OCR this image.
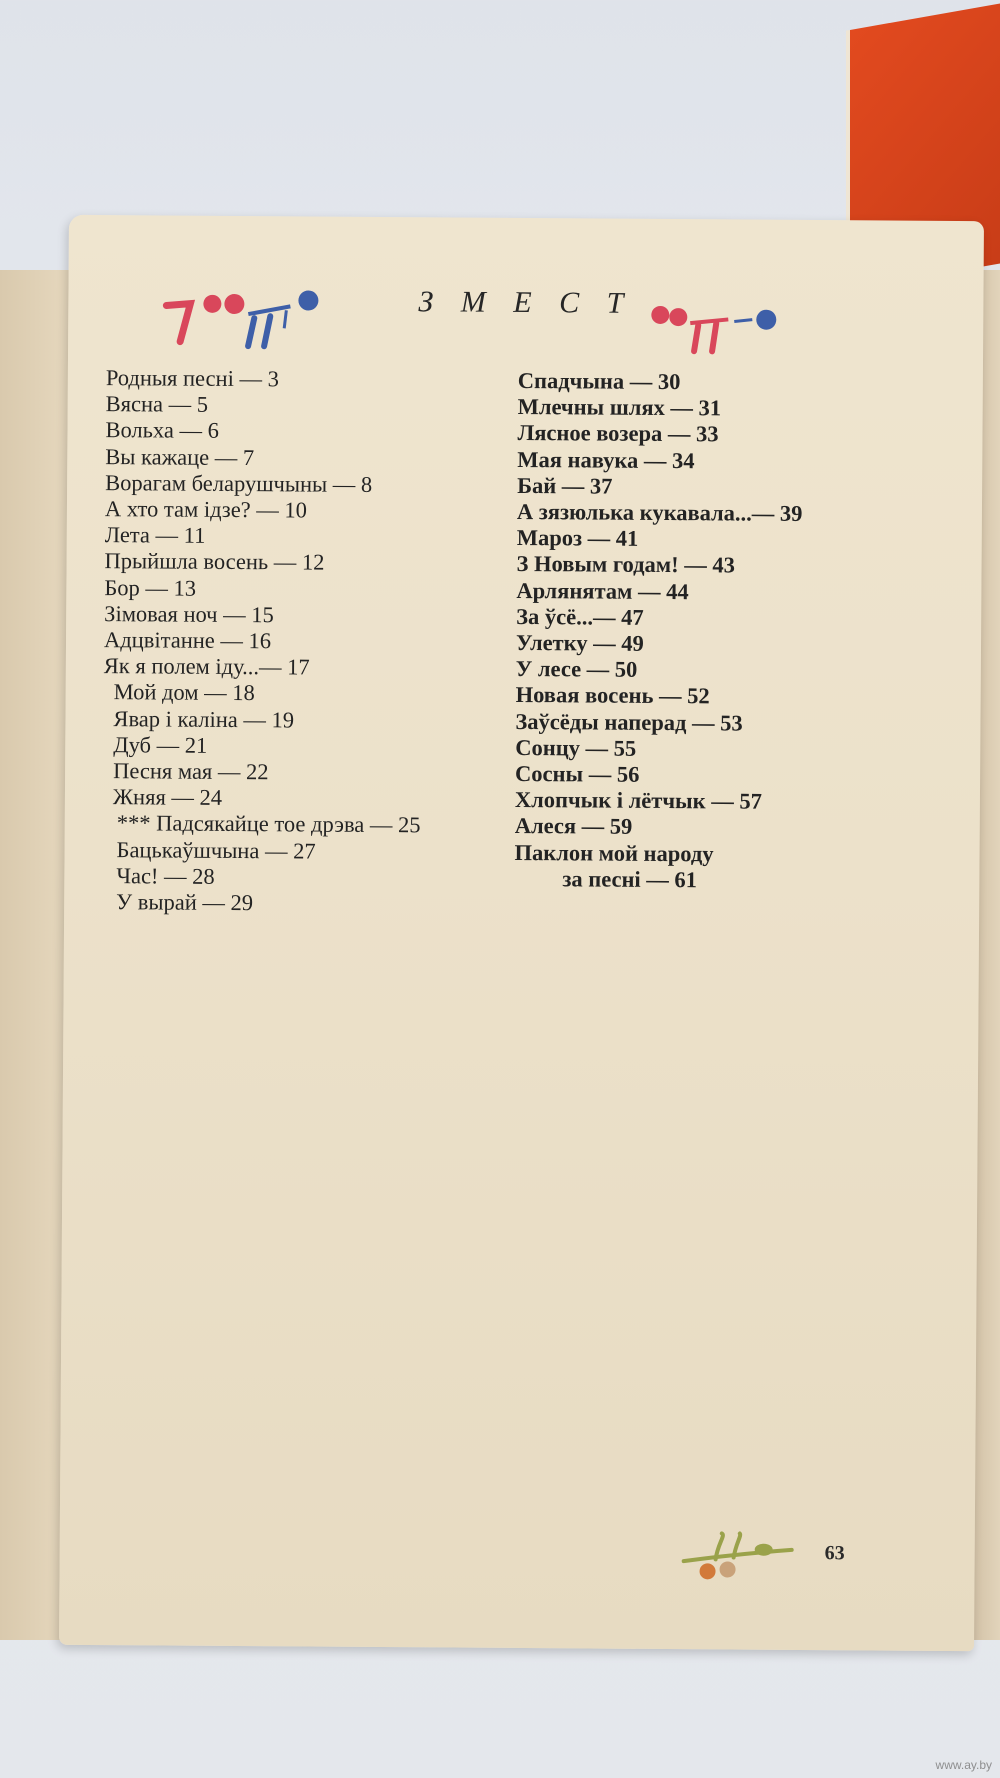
З М Е С Т
Родныя песні — 3
Вясна — 5
Вольха — 6
Вы кажаце — 7
Ворагам беларушчыны — 8
А хто там ідзе? — 10
Лета — 11
Прыйшла восень — 12
Бор — 13
Зімовая ноч — 15
Адцвітанне — 16
Як я полем іду...— 17
Мой дом — 18
Явар і каліна — 19
Дуб — 21
Песня мая — 22
Жняя — 24
*** Падсякайце тое дрэва — 25
Бацькаўшчына — 27
Час! — 28
У вырай — 29
Спадчына — 30
Млечны шлях — 31
Лясное возера — 33
Мая навука — 34
Бай — 37
А зязюлька кукавала...— 39
Мароз — 41
З Новым годам! — 43
Арлянятам — 44
За ўсё...— 47
Улетку — 49
У лесе — 50
Новая восень — 52
Заўсёды наперад — 53
Сонцу — 55
Сосны — 56
Хлопчык і лётчык — 57
Алеся — 59
Паклон мой народу
за песні — 61
63
www.ay.by
